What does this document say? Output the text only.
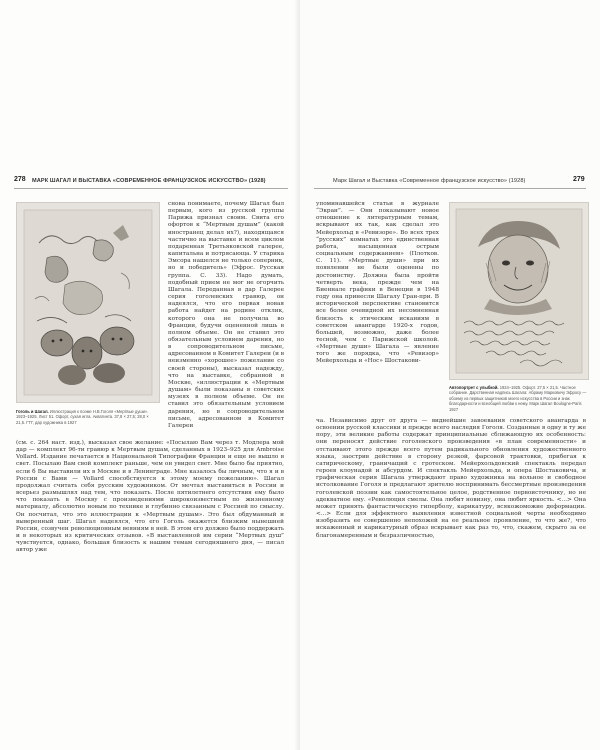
278 МАРК ШАГАЛ И ВЫСТАВКА «СОВРЕМЕННОЕ ФРАНЦУЗСКОЕ ИСКУССТВО» (1928)
Гоголь и Шагал. Иллюстрация к поэме Н.В.Гоголя «Мертвые души». 1923–1925. Лист 51. Офорт, сухая игла. Акватинта. 37,8 × 27,5; 28,0 × 21,5. ГТГ, дар художника в 1927

снова понимаете, почему Шагал был первым, кого из русской группы Парижа признал своим. Свита его офортов к “Мертвым душам” (какой иностранец делал их?), находящаяся частично на выставке и всем циклом подаренная Третьяковской галерее, капитальна и потрясающа. У старика Эмсора нашелся не только соперник, но и победитель» (Эфрос. Русская группа. С. 33). Надо думать, подобный прием не мог не огорчить Шагала. Переданная в дар Галерее серия гоголевских гравюр, он надеялся, что его первая новая работа найдет на родине отклик, которого она не получила во Франции, будучи оцененной лишь в полном объеме. Он не ставил это обязательным условием дарения, но в сопроводительном письме, адресованном в Комитет Галереи (и в неизменно «хорошее» пожелание со своей стороны), высказал надежду, что на выставке, собранной в Москве, «иллюстрации к «Мертвым душам» были показаны в советских музеях в полном объеме. Он не ставил это обязательным условием дарения, но в сопроводительном письме, адресованном в Комитет Галереи

(см. с. 264 наст. изд.), высказал свое желание: «Посылаю Вам через т. Модлера мой дар — комплект 96-ти гравюр к Мертвым душам, сделанных в 1923–925 для Ambroise Vollard. Издание печатается в Национальной Типографии Франции и еще не вышло в свет. Посылаю Вам свой комплект раньше, чем он увидел свет. Мне было бы приятно, если б Вы выставили их в Москве и в Ленинграде. Мне казалось бы личным, что я и в России с Вами — Vollard способствуется к этому моему пожеланию». Шагал продолжал считать себя русским художником. От мечтал выставиться в России и всерьез размышлял над тем, что показать. После пятилетнего отсутствия ему было что показать в Москву с произведениями широкоизвестным по жизненному материалу, абсолютно новым по технике и глубинно связанным с Россией по смыслу. Он посчитал, что это иллюстрации к «Мертвым душам». Это был обдуманный и выверенный шаг. Шагал надеялся, что его Гоголь окажется близким нынешней России, созвучен революционным веяниям в ней. В этом его должно было поддержать и в некоторых из критических отзывов. «В выставленной им серии “Мертвых душ” чувствуется, однако, большая близость к нашим темам сегодняшнего дня, — писал автор уже

Марк Шагал и Выставка «Современное французское искусство» (1928)	279

упоминавшейся статьи в журнале “Экран”. — Они показывают новое отношение к литературным темам, вскрывают их так, как сделал это Мейерхольд в «Ревизоре». Во всех трех “русских” комнатах это единственная работа, насыщенная острым социальным содержанием» (Плотков. С. 11). «Мертвые души» при их появлении не были оценены по достоинству. Должна была пройти четверть века, прежде чем на Биеннале графики в Венеции в 1948 году она принесли Шагалу Гран-при. В исторической перспективе становится все более очевидной их несомненная близость к этическим исканиям в советском авангарде 1920-х годов, большей, возможно, даже более тесной, чем с Парижской школой. «Мертвые души» Шагала — явление того же порядка, что «Ревизор» Мейерхольда и «Нос» Шостакови-

Автопортрет с улыбкой. 1924–1925. Офорт. 27,5 × 21,5. Частное собрание. Дарственная надпись Шагала: Абраму Марковичу Эфросу — обоему из первых защитников моего искусства в России и знак благодарности и всеобщей любви к нему. Марк Шагал Boulogne-Paris 1927

ча. Независимо друг от друга — виднейшие завоевания советского авангарда в освоении русской классики и прежде всего наследия Гоголя. Созданные в одну и ту же пору, эти великие работы содержат принципиальные сближающую их особенность: они переносят действие гоголевского произведения «в план современности» и отстаивают этого прежде всего путем радикального обновления художественного языка, заострив действие в сторону резкой, фарсовой трактовки, прибегая к сатирическому, граничащий с гротеском. Мейерхольдовский спектакль передал героев клоунадой и абсурдом. И спектакль Мейерхольда, и опера Шостаковича, и графическая серия Шагала утверждают право художника на вольное и свободное истолкование Гоголя и предлагают зрителю воспринимать бессмертные произведения гоголевской поэзии как самостоятельное целое, родственное первоисточнику, но не адекватное ему. «Революция смелы. Она любит новизну, она любит яркость. <...> Она может принять фантастическую гиперболу, карикатуру, всякожоможие деформации. <...> Если для эффектного выявления известной социальной черты необходимо изобразить ее совершенно непохожей на ее реальное проявление, то что же?, что искаженный и карикатурный образ вскрывает как раз то, что, скажем, скрыто за ее благонамеренным и безразличностью,
